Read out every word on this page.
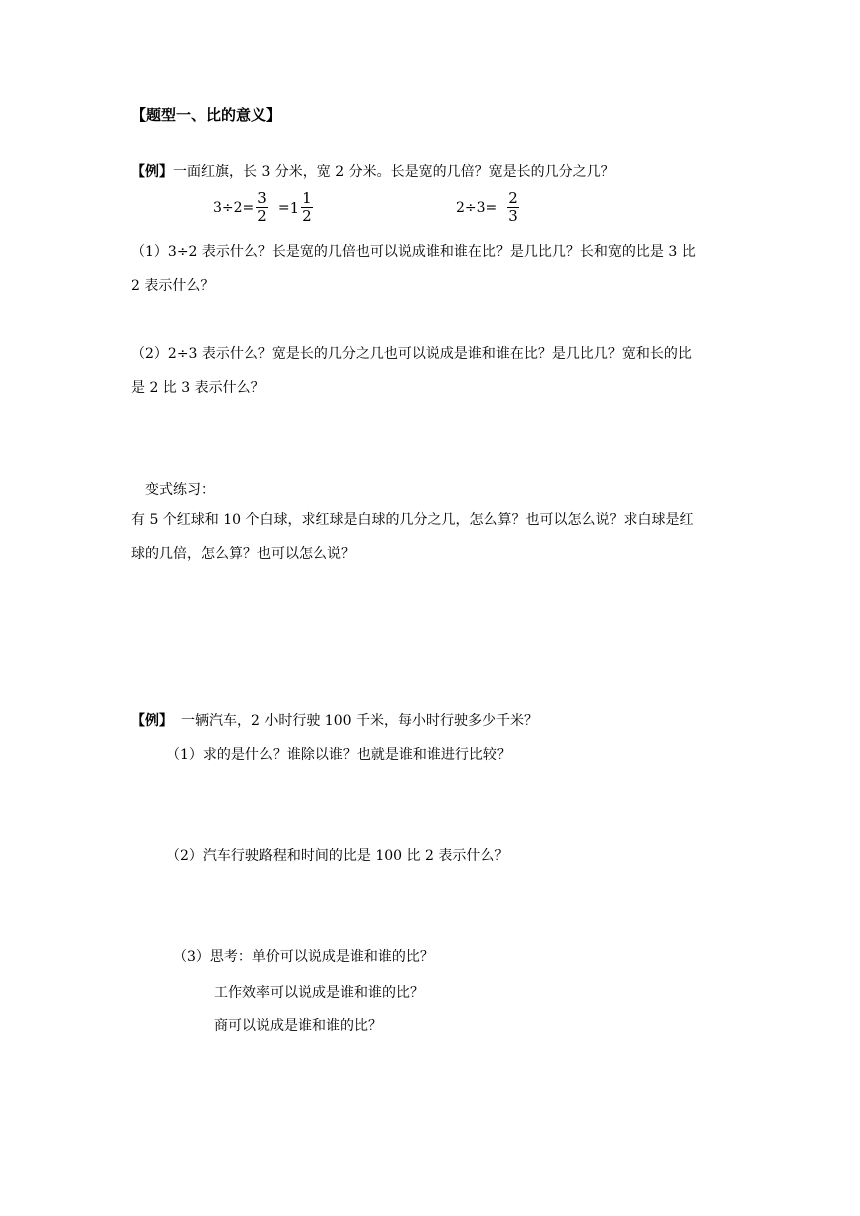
【题型一、比的意义】
【例】一面红旗，长 3 分米，宽 2 分米。长是宽的几倍？宽是长的几分之几？
$3\div 2= \frac{3}{2} = 1 \frac{1}{2}$	$2\div 3= \frac{2}{3}$
（1）3÷2 表示什么？长是宽的几倍也可以说成谁和谁在比？是几比几？长和宽的比是 3 比
2 表示什么？
（2）2÷3 表示什么？宽是长的几分之几也可以说成是谁和谁在比？是几比几？宽和长的比
是 2 比 3 表示什么？
变式练习：
有 5 个红球和 10 个白球，求红球是白球的几分之几，怎么算？也可以怎么说？求白球是红
球的几倍，怎么算？也可以怎么说？
【例】 一辆汽车，2 小时行驶 100 千米，每小时行驶多少千米？
（1）求的是什么？谁除以谁？也就是谁和谁进行比较？
（2）汽车行驶路程和时间的比是 100 比 2 表示什么？
（3）思考：单价可以说成是谁和谁的比？
工作效率可以说成是谁和谁的比？
商可以说成是谁和谁的比？
